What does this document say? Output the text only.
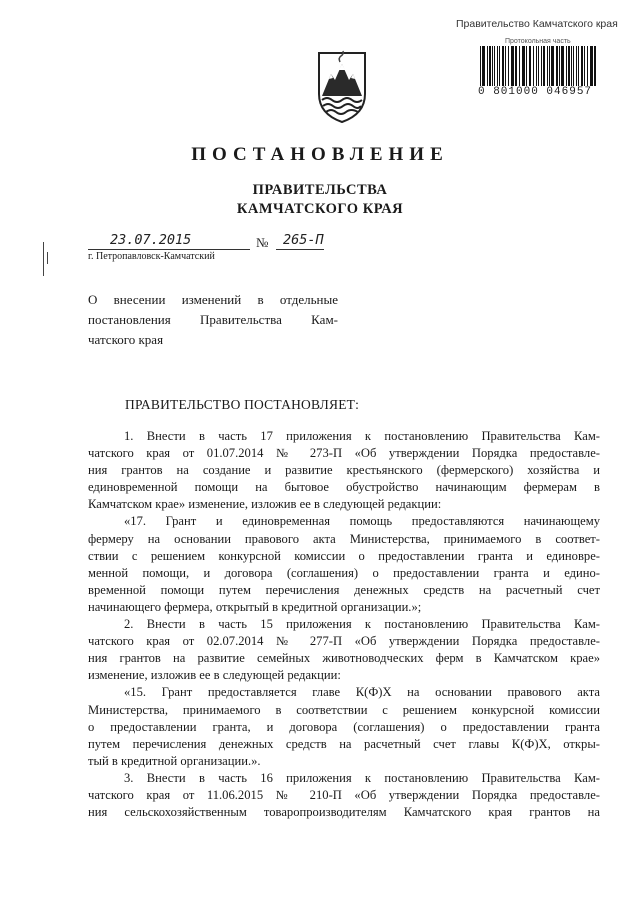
Правительство Камчатского края
Протокольная часть
0 801000 046957
ПОСТАНОВЛЕНИЕ
ПРАВИТЕЛЬСТВА
КАМЧАТСКОГО КРАЯ
23.07.2015	№ 265-П
г. Петропавловск-Камчатский
О внесении изменений в отдельные
постановления Правительства Кам-
чатского края
ПРАВИТЕЛЬСТВО ПОСТАНОВЛЯЕТ:
1. Внести в часть 17 приложения к постановлению Правительства Кам-
чатского края от 01.07.2014 № 273-П «Об утверждении Порядка предоставле-
ния грантов на создание и развитие крестьянского (фермерского) хозяйства и
единовременной помощи на бытовое обустройство начинающим фермерам в
Камчатском крае» изменение, изложив ее в следующей редакции:
«17. Грант и единовременная помощь предоставляются начинающему
фермеру на основании правового акта Министерства, принимаемого в соответ-
ствии с решением конкурсной комиссии о предоставлении гранта и единовре-
менной помощи, и договора (соглашения) о предоставлении гранта и едино-
временной помощи путем перечисления денежных средств на расчетный счет
начинающего фермера, открытый в кредитной организации.»;
2. Внести в часть 15 приложения к постановлению Правительства Кам-
чатского края от 02.07.2014 № 277-П «Об утверждении Порядка предоставле-
ния грантов на развитие семейных животноводческих ферм в Камчатском крае»
изменение, изложив ее в следующей редакции:
«15. Грант предоставляется главе К(Ф)Х на основании правового акта
Министерства, принимаемого в соответствии с решением конкурсной комиссии
о предоставлении гранта, и договора (соглашения) о предоставлении гранта
путем перечисления денежных средств на расчетный счет главы К(Ф)Х, откры-
тый в кредитной организации.».
3. Внести в часть 16 приложения к постановлению Правительства Кам-
чатского края от 11.06.2015 № 210-П «Об утверждении Порядка предоставле-
ния сельскохозяйственным товаропроизводителям Камчатского края грантов на
